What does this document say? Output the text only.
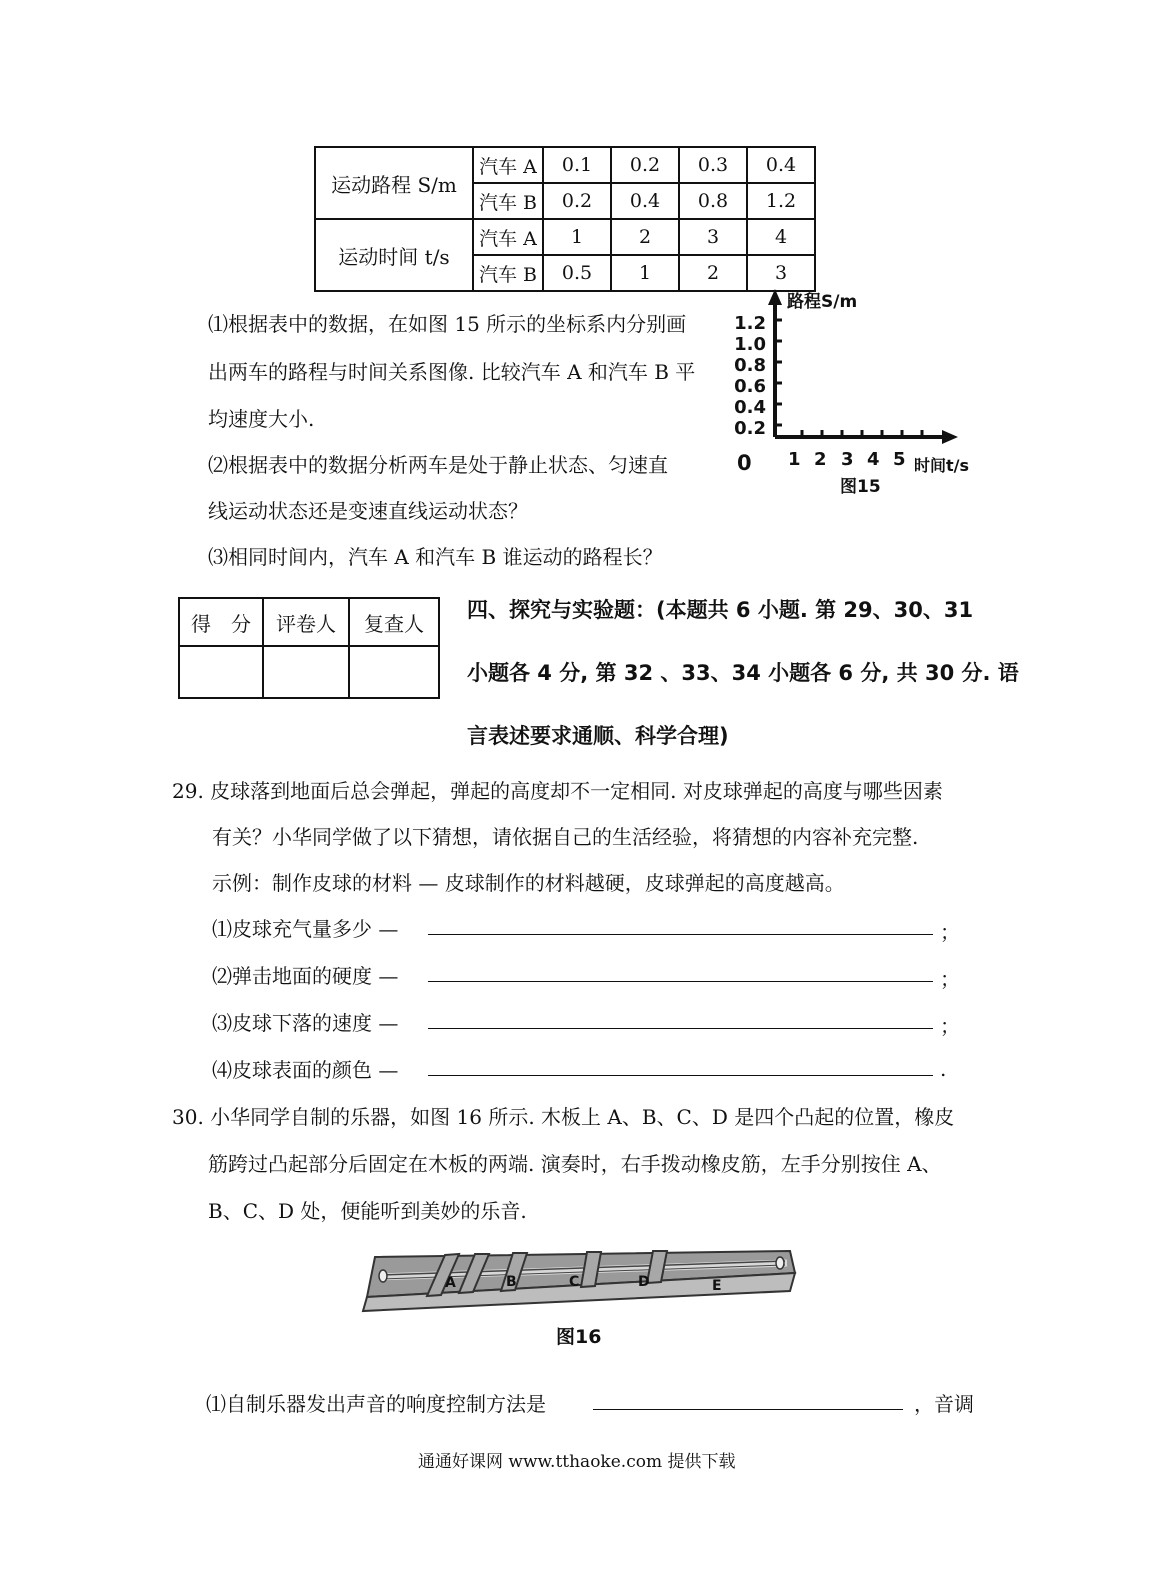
运动路程 S/m	汽车 A	0.1	0.2	0.3	0.4
	汽车 B	0.2	0.4	0.8	1.2
运动时间 t/s	汽车 A	1	2	3	4
	汽车 B	0.5	1	2	3
⑴根据表中的数据，在如图 15 所示的坐标系内分别画
出两车的路程与时间关系图像. 比较汽车 A 和汽车 B 平
均速度大小.
⑵根据表中的数据分析两车是处于静止状态、匀速直
线运动状态还是变速直线运动状态？
⑶相同时间内，汽车 A 和汽车 B 谁运动的路程长？
路程S/m
1.2
1.0
0.8
0.6
0.4
0.2
0 1 2 3 4 5 时间t/s
图15
得　分	评卷人	复查人

四、探究与实验题：(本题共 6 小题. 第 29、30、31
小题各 4 分, 第 32 、33、34 小题各 6 分, 共 30 分. 语
言表述要求通顺、科学合理)
29. 皮球落到地面后总会弹起，弹起的高度却不一定相同. 对皮球弹起的高度与哪些因素
有关？小华同学做了以下猜想，请依据自己的生活经验，将猜想的内容补充完整.
示例：制作皮球的材料 — 皮球制作的材料越硬，皮球弹起的高度越高。
⑴皮球充气量多少 —	；
⑵弹击地面的硬度 —	；
⑶皮球下落的速度 —	；
⑷皮球表面的颜色 —	.
30. 小华同学自制的乐器，如图 16 所示. 木板上 A、B、C、D 是四个凸起的位置，橡皮
筋跨过凸起部分后固定在木板的两端. 演奏时，右手拨动橡皮筋，左手分别按住 A、
B、C、D 处，便能听到美妙的乐音.
A	B	C	D	E
图16
⑴自制乐器发出声音的响度控制方法是	，音调
通通好课网 www.tthaoke.com 提供下载
